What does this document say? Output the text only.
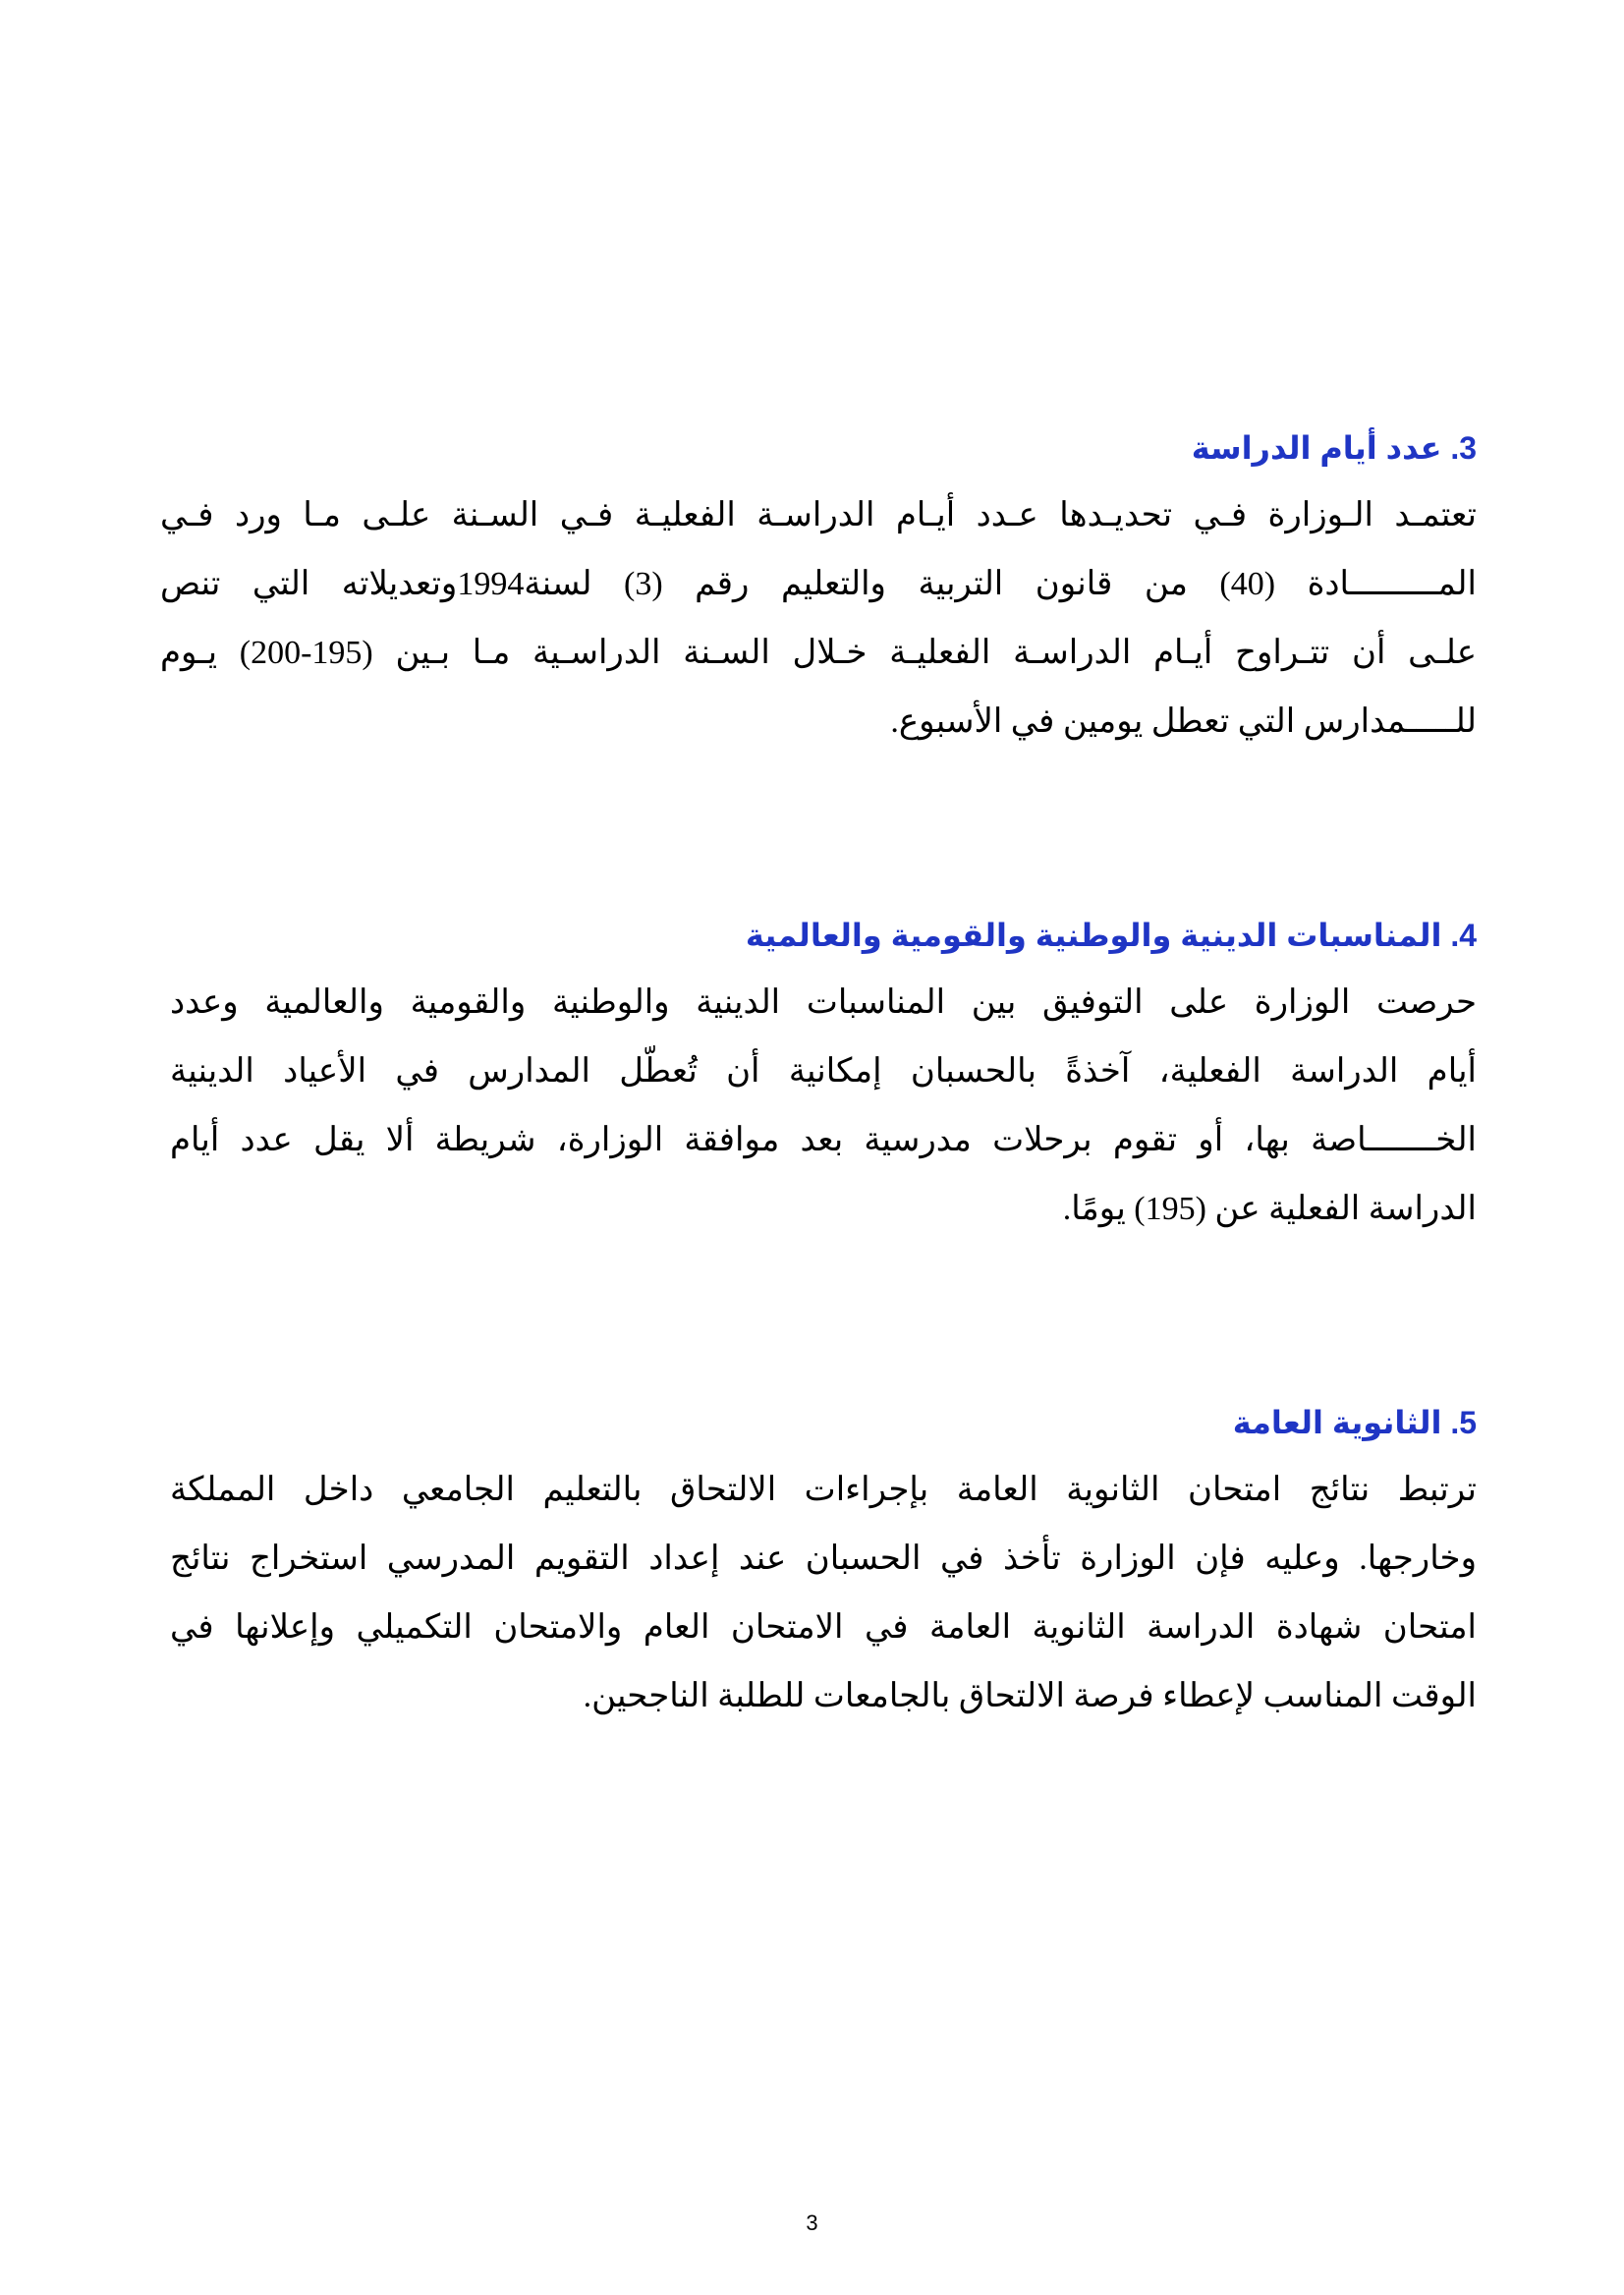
3. عدد أيام الدراسة

تعتمـد الـوزارة فـي تحديـدها عـدد أيـام الدراسـة الفعليـة فـي السـنة علـى مـا ورد فـي
المـــــــــادة (40) من قانون التربية والتعليم رقم (3) لسنة1994وتعديلاته التي تنص
علـى أن تتـراوح أيـام الدراسـة الفعليـة خـلال السـنة الدراسـية مـا بـين (195-200) يـوم
للـــــمدارس التي تعطل يومين في الأسبوع.

4. المناسبات الدينية والوطنية والقومية والعالمية

حرصت الوزارة على التوفيق بين المناسبات الدينية والوطنية والقومية والعالمية وعدد
أيام الدراسة الفعلية، آخذةً بالحسبان إمكانية أن تُعطّل المدارس في الأعياد الدينية
الخـــــــاصة بها، أو تقوم برحلات مدرسية بعد موافقة الوزارة، شريطة ألا يقل عدد أيام
الدراسة الفعلية عن (195) يومًا.

5. الثانوية العامة

ترتبط نتائج امتحان الثانوية العامة بإجراءات الالتحاق بالتعليم الجامعي داخل المملكة
وخارجها. وعليه فإن الوزارة تأخذ في الحسبان عند إعداد التقويم المدرسي استخراج نتائج
امتحان شهادة الدراسة الثانوية العامة في الامتحان العام والامتحان التكميلي وإعلانها في
الوقت المناسب لإعطاء فرصة الالتحاق بالجامعات للطلبة الناجحين.

3
